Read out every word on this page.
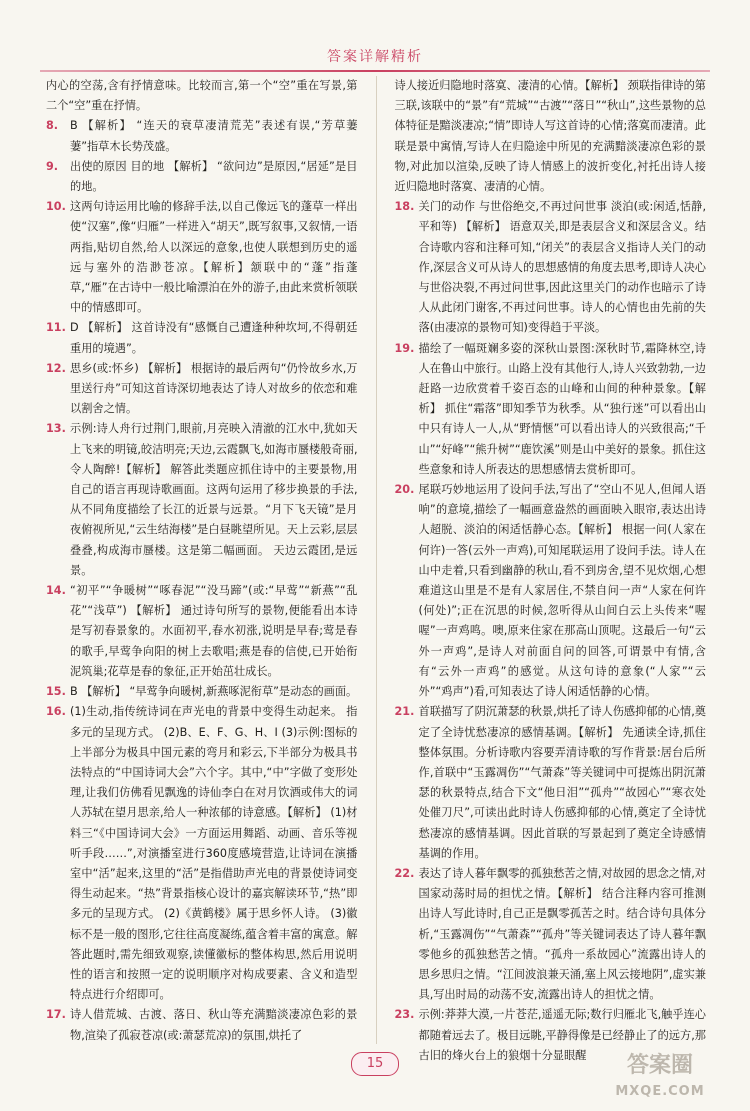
答案详解精析

内心的空荡,含有抒情意味。比较而言,第一个“空”重在写景,第二个“空”重在抒情。

8.	B 【解析】 “连天的衰草凄清荒芜”表述有误,“芳草萋萋”指草木长势茂盛。
9.	出使的原因 目的地 【解析】 “欲问边”是原因,“居延”是目的地。
10. 这两句诗运用比喻的修辞手法,以自己像远飞的蓬草一样出使“汉塞”,像“归雁”一样进入“胡天”,既写叙事,又叙情,一语两指,贴切自然,给人以深远的意象,也使人联想到历史的遥远与塞外的浩渺苍凉。【解析】颔联中的“蓬”指蓬草,“雁”在古诗中一般比喻漂泊在外的游子,由此来赏析领联中的情感即可。
11. D 【解析】 这首诗没有“感慨自己遭逢种种坎坷,不得朝廷重用的境遇”。
12. 思乡(或:怀乡) 【解析】 根据诗的最后两句“仍怜故乡水,万里送行舟”可知这首诗深切地表达了诗人对故乡的依恋和难以割舍之情。
13. 示例:诗人舟行过荆门,眼前,月亮映入清澈的江水中,犹如天上飞来的明镜,皎洁明亮;天边,云霞飘飞,如海市蜃楼般奇丽,令人陶醉!【解析】 解答此类题应抓住诗中的主要景物,用自己的语言再现诗歌画面。这两句运用了移步换景的手法,从不同角度描绘了长江的近景与远景。“月下飞天镜”是月夜俯视所见,“云生结海楼”是白昼眺望所见。天上云彩,层层叠叠,构成海市蜃楼。这是第二幅画面。 天边云霞团,是远景。
14. “初平”“争暖树”“啄春泥”“没马蹄”(或:“早莺”“新燕”“乱花”“浅草”) 【解析】 通过诗句所写的景物,便能看出本诗是写初春景象的。水面初平,春水初涨,说明是早春;莺是春的歌手,早莺争向阳的树上去歌唱;燕是春的信使,已开始衔泥筑巢;花草是春的象征,正开始茁壮成长。
15. B 【解析】 “早莺争向暖树,新燕啄泥衔草”是动态的画面。
16. (1)生动,指传统诗词在声光电的背景中变得生动起来。 指多元的呈现方式。 (2)B、E、F、G、H、I (3)示例:图标的上半部分为极具中国元素的弯月和彩云,下半部分为极具书法特点的“中国诗词大会”六个字。其中,“中”字做了变形处理,让我们仿佛看见飘逸的诗仙李白在对月饮酒或伟大的词人苏轼在望月思亲,给人一种浓郁的诗意感。【解析】 (1)材料三“《中国诗词大会》一方面运用舞蹈、动画、音乐等视听手段……”,对演播室进行360度感境营造,让诗词在演播室中“活”起来,这里的“活”是指借助声光电的背景使诗词变得生动起来。“热”背景指核心设计的嘉宾解读环节,“热”即多元的呈现方式。 (2)《黄鹤楼》属于思乡怀人诗。 (3)徽标不是一般的图形,它往往高度凝练,蕴含着丰富的寓意。解答此题时,需先细致观察,读懂徽标的整体构思,然后用说明性的语言和按照一定的说明顺序对构成要素、含义和造型特点进行介绍即可。
17. 诗人借荒城、古渡、落日、秋山等充满黯淡凄凉色彩的景物,渲染了孤寂苍凉(或:萧瑟荒凉)的氛围,烘托了

诗人接近归隐地时落寞、凄清的心情。【解析】 颈联指律诗的第三联,该联中的“景”有“荒城”“古渡”“落日”“秋山”,这些景物的总体特征是黯淡凄凉;“情”即诗人写这首诗的心情;落寞而凄清。此联是景中寓情,写诗人在归隐途中所见的充满黯淡凄凉色彩的景物,对此加以渲染,反映了诗人情感上的波折变化,衬托出诗人接近归隐地时落寞、凄清的心情。

18. 关门的动作 与世俗绝交,不再过问世事 淡泊(或:闲适,恬静,平和等) 【解析】 语意双关,即是表层含义和深层含义。结合诗歌内容和注释可知,“闭关”的表层含义指诗人关门的动作,深层含义可从诗人的思想感情的角度去思考,即诗人决心与世俗决裂,不再过问世事,因此这里关门的动作也暗示了诗人从此闭门谢客,不再过问世事。诗人的心情也由先前的失落(由凄凉的景物可知)变得趋于平淡。
19. 描绘了一幅斑斓多姿的深秋山景图:深秋时节,霜降林空,诗人在鲁山中旅行。山路上没有其他行人,诗人兴致勃勃,一边赶路一边欣赏着千姿百态的山峰和山间的种种景象。【解析】 抓住“霜落”即知季节为秋季。从“独行迷”可以看出山中只有诗人一人,从“野情惬”可以看出诗人的兴致很高;“千山”“好峰”“熊升树”“鹿饮溪”则是山中美好的景象。抓住这些意象和诗人所表达的思想感情去赏析即可。
20. 尾联巧妙地运用了设问手法,写出了“空山不见人,但闻人语响”的意境,描绘了一幅画意盎然的画面映入眼帘,表达出诗人超脱、淡泊的闲适恬静心态。【解析】 根据一问(人家在何许)一答(云外一声鸡),可知尾联运用了设问手法。诗人在山中走着,只看到幽静的秋山,看不到房舍,望不见炊烟,心想难道这山里是不是有人家居住,不禁自问一声“人家在何许(何处)”;正在沉思的时候,忽听得从山间白云上头传来“喔喔”一声鸡鸣。噢,原来住家在那高山顶呢。这最后一句“云外一声鸡”,是诗人对前面自问的回答,可谓景中有情,含有“云外一声鸡”的感觉。从这句诗的意象(“人家”“云外”“鸡声”)看,可知表达了诗人闲适恬静的心情。
21. 首联描写了阴沉萧瑟的秋景,烘托了诗人伤感抑郁的心情,奠定了全诗忧愁凄凉的感情基调。【解析】 先通读全诗,抓住整体氛围。分析诗歌内容要弄清诗歌的写作背景:居台后所作,首联中“玉露凋伤”“气萧森”等关键词中可提炼出阴沉萧瑟的秋景特点,结合下文“他日泪”“孤舟”“故园心”“寒衣处处催刀尺”,可读出此时诗人伤感抑郁的心情,奠定了全诗忧愁凄凉的感情基调。因此首联的写景起到了奠定全诗感情基调的作用。
22. 表达了诗人暮年飘零的孤独愁苦之情,对故园的思念之情,对国家动荡时局的担忧之情。【解析】 结合注释内容可推测出诗人写此诗时,自己正是飘零孤苦之时。结合诗句具体分析,“玉露凋伤”“气萧森”“孤舟”等关键词表达了诗人暮年飘零他乡的孤独愁苦之情。“孤舟一系故园心”流露出诗人的思乡思归之情。“江间波浪兼天涌,塞上风云接地阴”,虚实兼具,写出时局的动荡不安,流露出诗人的担忧之情。
23. 示例:莽莽大漠,一片苍茫,遥遥无际;数行归雁北飞,触乎连心都随着远去了。极目远眺,平静得像是已经静止了的远方,那古旧的烽火台上的狼烟十分显眼醒
15	答案圈
MXQE.COM
